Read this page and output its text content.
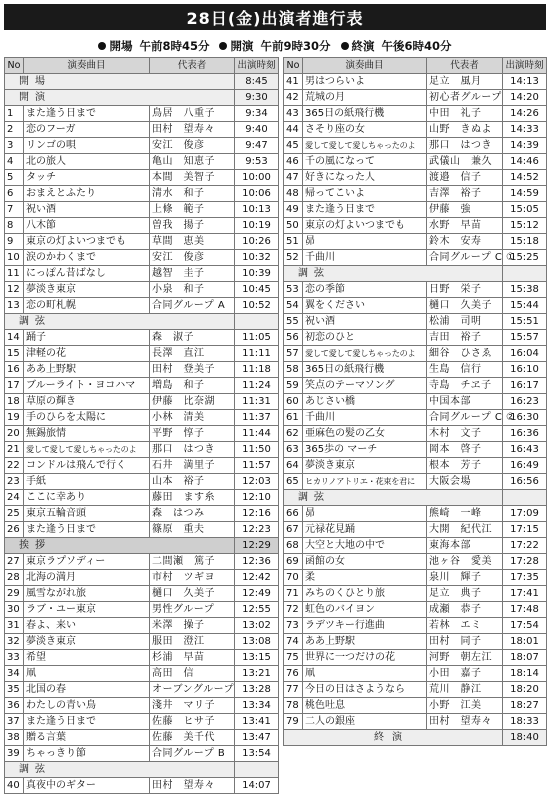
28日(金)出演者進行表
開場 午前8時45分 開演 午前9時30分 終演 午後6時40分
No	演奏曲目	代表者	出演時刻
開場			8:45
開演			9:30
1	また逢う日まで	鳥居　八重子	9:34
2	恋のフーガ	田村　望寿々	9:40
3	リンゴの唄	安江　俊彦	9:47
4	北の旅人	亀山　知恵子	9:53
5	タッチ	本間　美智子	10:00
6	おまえとふたり	清水　和子	10:06
7	祝い酒	上條　範子	10:13
8	八木節	曽我　揚子	10:19
9	東京の灯よいつまでも	草間　恵美	10:26
10	涙のかわくまで	安江　俊彦	10:32
11	にっぽん昔ばなし	越智　圭子	10:39
12	夢淡き東京	小泉　和子	10:45
13	恋の町札幌	合同グループ A	10:52
調弦			
14	踊子	森　淑子	11:05
15	津軽の花	長澤　直江	11:11
16	ああ上野駅	田村　登美子	11:18
17	ブルーライト・ヨコハマ	増島　和子	11:24
18	草原の輝き	伊藤　比奈湖	11:31
19	手のひらを太陽に	小林　清美	11:37
20	無錫旅情	平野　惇子	11:44
21	愛して愛して愛しちゃったのよ	那口　はつき	11:50
22	コンドルは飛んで行く	石井　満里子	11:57
23	手紙	山本　裕子	12:03
24	ここに幸あり	藤田　ます糸	12:10
25	東京五輪音頭	森　はつみ	12:16
26	また逢う日まで	篠原　重夫	12:23
挨拶			12:29
27	東京ラプソディー	二間瀬　篤子	12:36
28	北海の満月	市村　ツギヨ	12:42
29	風雪ながれ旅	樋口　久美子	12:49
30	ラブ・ユー東京	男性グループ	12:55
31	春よ、来い	米澤　操子	13:02
32	夢淡き東京	服田　澄江	13:08
33	希望	杉浦　早苗	13:15
34	凧	高田　信	13:21
35	北国の春	オーブングループ	13:28
36	わたしの青い鳥	淺井　マリ子	13:34
37	また逢う日まで	佐藤　ヒサ子	13:41
38	贈る言葉	佐藤　美千代	13:47
39	ちゃっきり節	合同グループ B	13:54
調弦			
40	真夜中のギター	田村　望寿々	14:07
No	演奏曲目	代表者	出演時刻
41	男はつらいよ	足立　風月	14:13
42	荒城の月	初心者グループ	14:20
43	365日の紙飛行機	中田　礼子	14:26
44	さそり座の女	山野　きぬよ	14:33
45	愛して愛して愛しちゃったのよ	那口　はつき	14:39
46	千の風になって	武儀山　兼久	14:46
47	好きになった人	渡邉　信子	14:52
48	帰ってこいよ	吉澤　裕子	14:59
49	また逢う日まで	伊藤　強	15:05
50	東京の灯よいつまでも	水野　早苗	15:12
51	昴	鈴木　安寿	15:18
52	千曲川	合同グループ C ①	15:25
調弦			
53	恋の季節	日野　栄子	15:38
54	翼をください	樋口　久美子	15:44
55	祝い酒	松浦　司明	15:51
56	初恋のひと	吉田　裕子	15:57
57	愛して愛して愛しちゃったのよ	細谷　ひさゑ	16:04
58	365日の紙飛行機	生島　信行	16:10
59	笑点のテーマソング	寺島　チヱ子	16:17
60	あじさい橋	中国本部	16:23
61	千曲川	合同グループ C ②	16:30
62	亜麻色の髪の乙女	木村　文子	16:36
63	365歩の マーチ	岡本　啓子	16:43
64	夢淡き東京	根本　芳子	16:49
65	ヒカリノアトリエ・花束を君に	大阪会場	16:56
調弦			
66	昴	熊崎　一峰	17:09
67	元禄花見踊	大開　紀代江	17:15
68	大空と大地の中で	東海本部	17:22
69	函館の女	池ヶ谷　愛美	17:28
70	柔	泉川　輝子	17:35
71	みちのくひとり旅	足立　典子	17:41
72	虹色のバイヨン	成瀬　恭子	17:48
73	ラデツキー行進曲	若林　エミ	17:54
74	ああ上野駅	田村　同子	18:01
75	世界に一つだけの花	河野　朝左江	18:07
76	凧	小田　嘉子	18:14
77	今日の日はさようなら	荒川　静江	18:20
78	桃色吐息	小野　江美	18:27
79	二人の銀座	田村　望寿々	18:33
終演			18:40
